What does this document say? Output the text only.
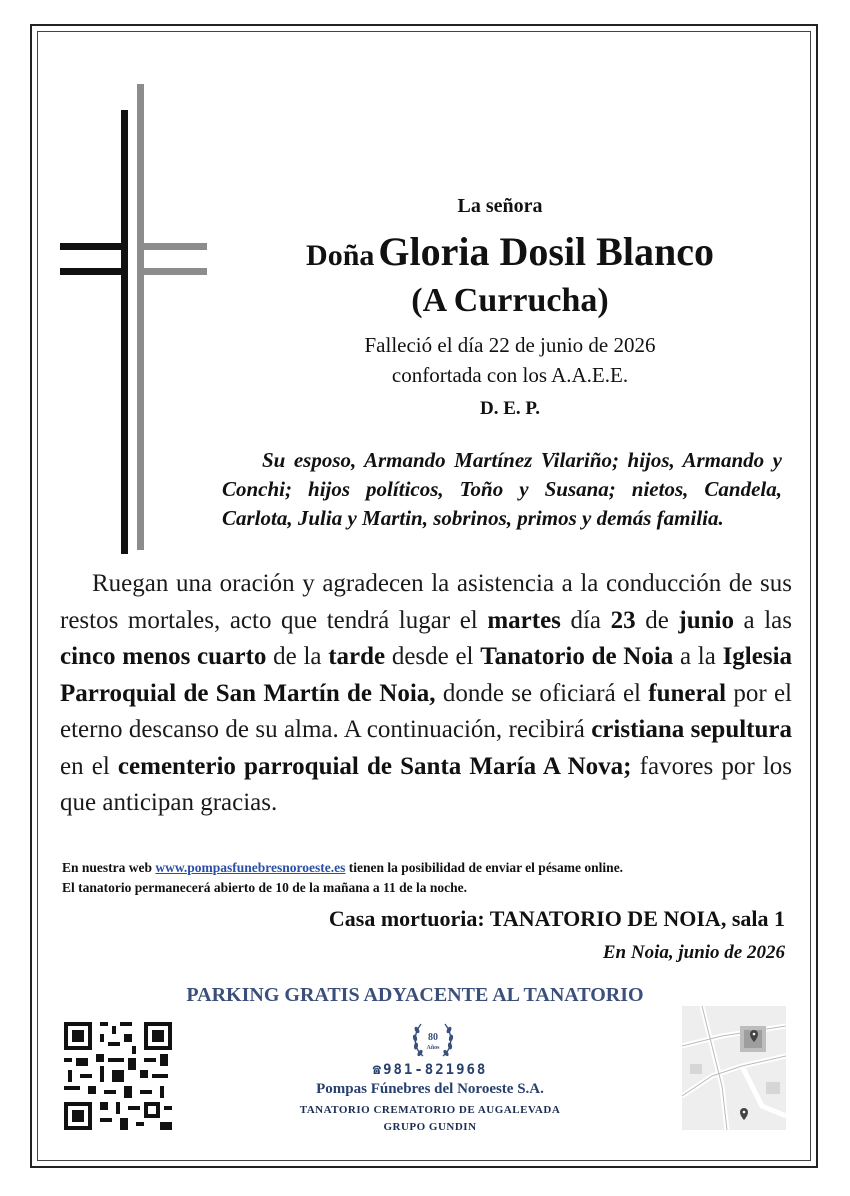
La señora
Doña Gloria Dosil Blanco
(A Currucha)
Falleció el día 22 de junio de 2026
confortada con los A.A.E.E.
D. E. P.
Su esposo, Armando Martínez Vilariño; hijos, Armando y Conchi; hijos políticos, Toño y Susana; nietos, Candela, Carlota, Julia y Martin, sobrinos, primos y demás familia.
Ruegan una oración y agradecen la asistencia a la conducción de sus restos mortales, acto que tendrá lugar el martes día 23 de junio a las cinco menos cuarto de la tarde desde el Tanatorio de Noia a la Iglesia Parroquial de San Martín de Noia, donde se oficiará el funeral por el eterno descanso de su alma. A continuación, recibirá cristiana sepultura en el cementerio parroquial de Santa María A Nova; favores por los que anticipan gracias.
En nuestra web www.pompasfunebresnoroeste.es tienen la posibilidad de enviar el pésame online.
El tanatorio permanecerá abierto de 10 de la mañana a 11 de la noche.
Casa mortuoria: TANATORIO DE NOIA, sala 1
En Noia, junio de 2026
PARKING GRATIS ADYACENTE AL TANATORIO
80
Años
☎981-821968
Pompas Fúnebres del Noroeste S.A.
TANATORIO CREMATORIO DE AUGALEVADA
GRUPO GUNDIN
